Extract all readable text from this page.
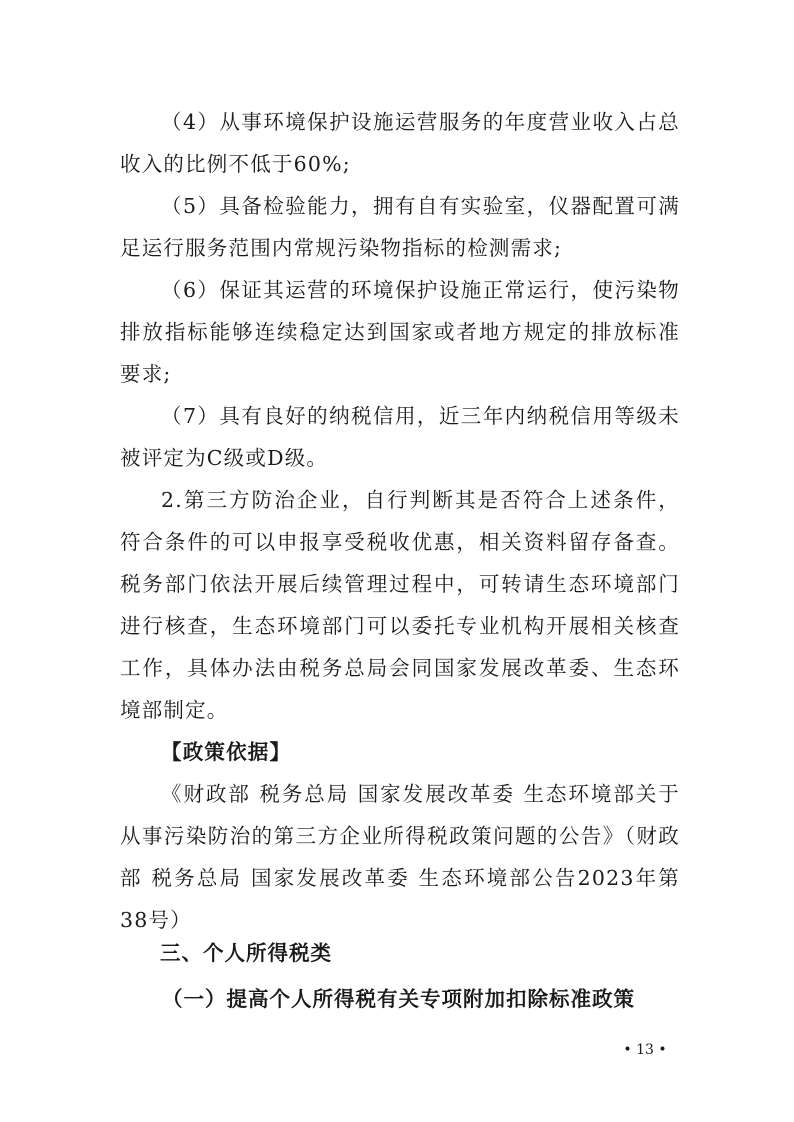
（4）从事环境保护设施运营服务的年度营业收入占总收入的比例不低于60%;

（5）具备检验能力，拥有自有实验室，仪器配置可满足运行服务范围内常规污染物指标的检测需求;

（6）保证其运营的环境保护设施正常运行，使污染物排放指标能够连续稳定达到国家或者地方规定的排放标准要求;

（7）具有良好的纳税信用，近三年内纳税信用等级未被评定为C级或D级。

2.第三方防治企业，自行判断其是否符合上述条件，符合条件的可以申报享受税收优惠，相关资料留存备查。税务部门依法开展后续管理过程中，可转请生态环境部门进行核查，生态环境部门可以委托专业机构开展相关核查工作，具体办法由税务总局会同国家发展改革委、生态环境部制定。

【政策依据】

《财政部 税务总局 国家发展改革委 生态环境部关于从事污染防治的第三方企业所得税政策问题的公告》（财政部 税务总局 国家发展改革委 生态环境部公告2023年第38号）

三、个人所得税类
（一）提高个人所得税有关专项附加扣除标准政策
• 13 •
